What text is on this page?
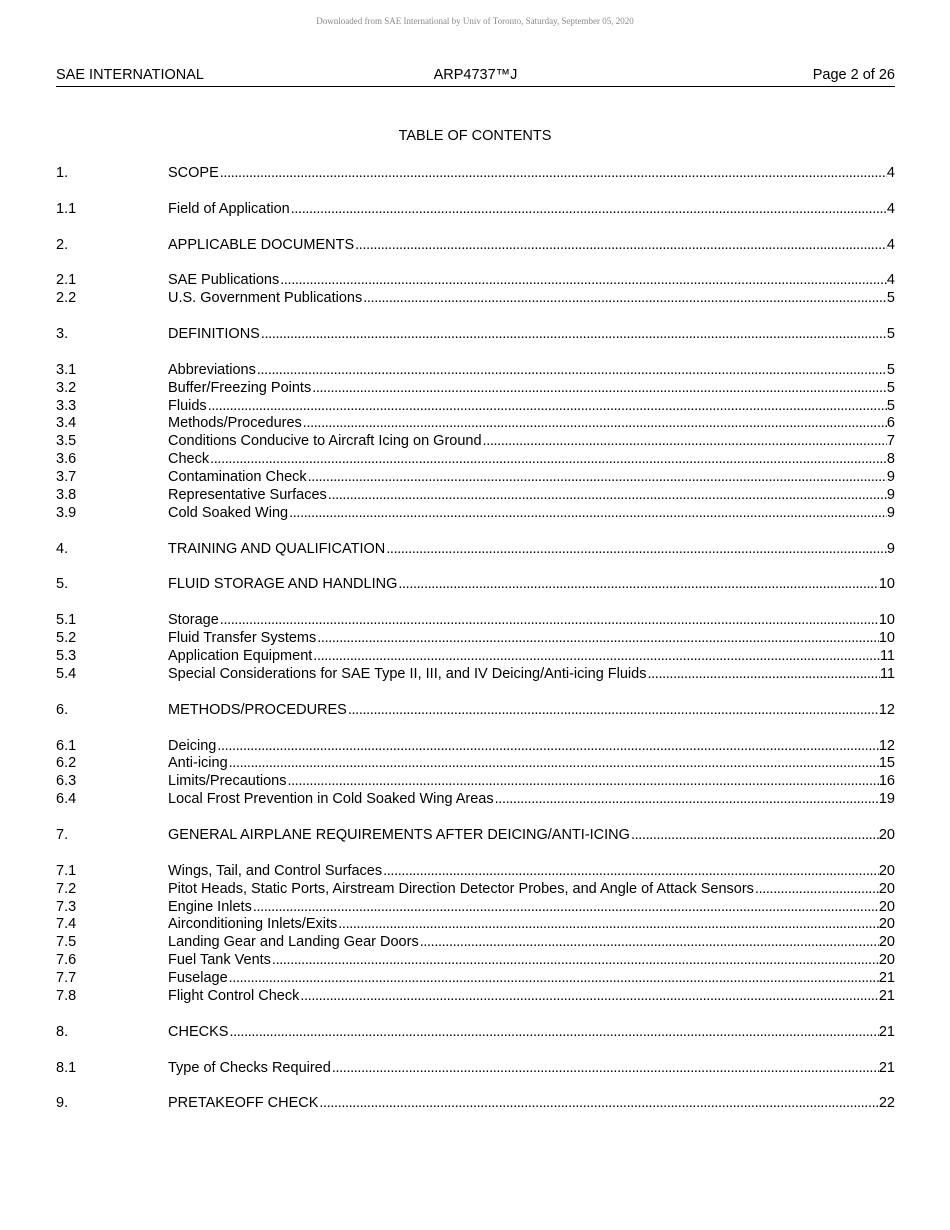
Downloaded from SAE International by Univ of Toronto, Saturday, September 05, 2020
SAE INTERNATIONAL	ARP4737™J	Page 2 of 26
TABLE OF CONTENTS
1.	SCOPE . . .	4
1.1	Field of Application . . .	4
2.	APPLICABLE DOCUMENTS . . .	4
2.1	SAE Publications . . .	4
2.2	U.S. Government Publications . . .	5
3.	DEFINITIONS . . .	5
3.1	Abbreviations . . .	5
3.2	Buffer/Freezing Points . . .	5
3.3	Fluids . . .	5
3.4	Methods/Procedures . . .	6
3.5	Conditions Conducive to Aircraft Icing on Ground . . .	7
3.6	Check . . .	8
3.7	Contamination Check . . .	9
3.8	Representative Surfaces . . .	9
3.9	Cold Soaked Wing . . .	9
4.	TRAINING AND QUALIFICATION . . .	9
5.	FLUID STORAGE AND HANDLING . . .	10
5.1	Storage . . .	10
5.2	Fluid Transfer Systems . . .	10
5.3	Application Equipment . . .	11
5.4	Special Considerations for SAE Type II, III, and IV Deicing/Anti-icing Fluids . . .	11
6.	METHODS/PROCEDURES . . .	12
6.1	Deicing . . .	12
6.2	Anti-icing . . .	15
6.3	Limits/Precautions . . .	16
6.4	Local Frost Prevention in Cold Soaked Wing Areas . . .	19
7.	GENERAL AIRPLANE REQUIREMENTS AFTER DEICING/ANTI-ICING . . .	20
7.1	Wings, Tail, and Control Surfaces . . .	20
7.2	Pitot Heads, Static Ports, Airstream Direction Detector Probes, and Angle of Attack Sensors . . .	20
7.3	Engine Inlets . . .	20
7.4	Airconditioning Inlets/Exits . . .	20
7.5	Landing Gear and Landing Gear Doors . . .	20
7.6	Fuel Tank Vents . . .	20
7.7	Fuselage . . .	21
7.8	Flight Control Check . . .	21
8.	CHECKS . . .	21
8.1	Type of Checks Required . . .	21
9.	PRETAKEOFF CHECK . . .	22
